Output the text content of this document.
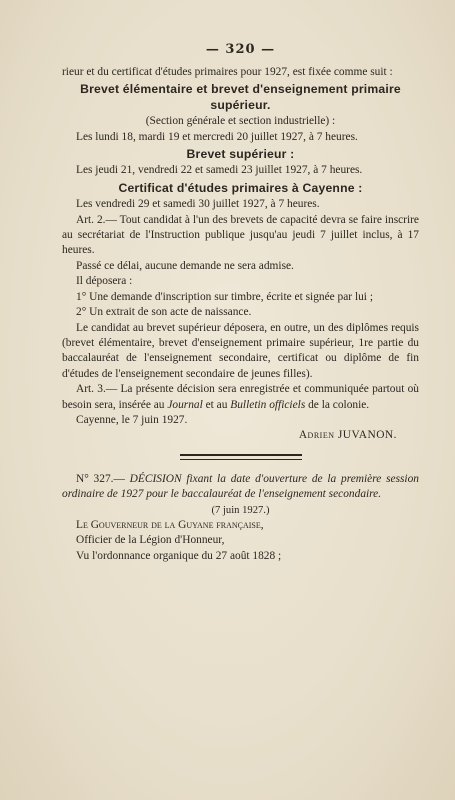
— 320 —

rieur et du certificat d'études primaires pour 1927, est fixée comme suit :

Brevet élémentaire et brevet d'enseignement primaire supérieur.

(Section générale et section industrielle) :

Les lundi 18, mardi 19 et mercredi 20 juillet 1927, à 7 heures.

Brevet supérieur :

Les jeudi 21, vendredi 22 et samedi 23 juillet 1927, à 7 heures.

Certificat d'études primaires à Cayenne :

Les vendredi 29 et samedi 30 juillet 1927, à 7 heures.

Art. 2.— Tout candidat à l'un des brevets de capacité devra se faire inscrire au secrétariat de l'Instruction publique jusqu'au jeudi 7 juillet inclus, à 17 heures.

Passé ce délai, aucune demande ne sera admise.

Il déposera :

1° Une demande d'inscription sur timbre, écrite et signée par lui ;

2° Un extrait de son acte de naissance.

Le candidat au brevet supérieur déposera, en outre, un des diplômes requis (brevet élémentaire, brevet d'enseignement primaire supérieur, 1re partie du baccalauréat de l'enseignement secondaire, certificat ou diplôme de fin d'études de l'enseignement secondaire de jeunes filles).

Art. 3.— La présente décision sera enregistrée et communiquée partout où besoin sera, insérée au Journal et au Bulletin officiels de la colonie.

Cayenne, le 7 juin 1927.

Adrien JUVANON.

N° 327.— DÉCISION fixant la date d'ouverture de la première session ordinaire de 1927 pour le baccalauréat de l'enseignement secondaire.

(7 juin 1927.)

Le Gouverneur de la Guyane française,

Officier de la Légion d'Honneur,

Vu l'ordonnance organique du 27 août 1828 ;
